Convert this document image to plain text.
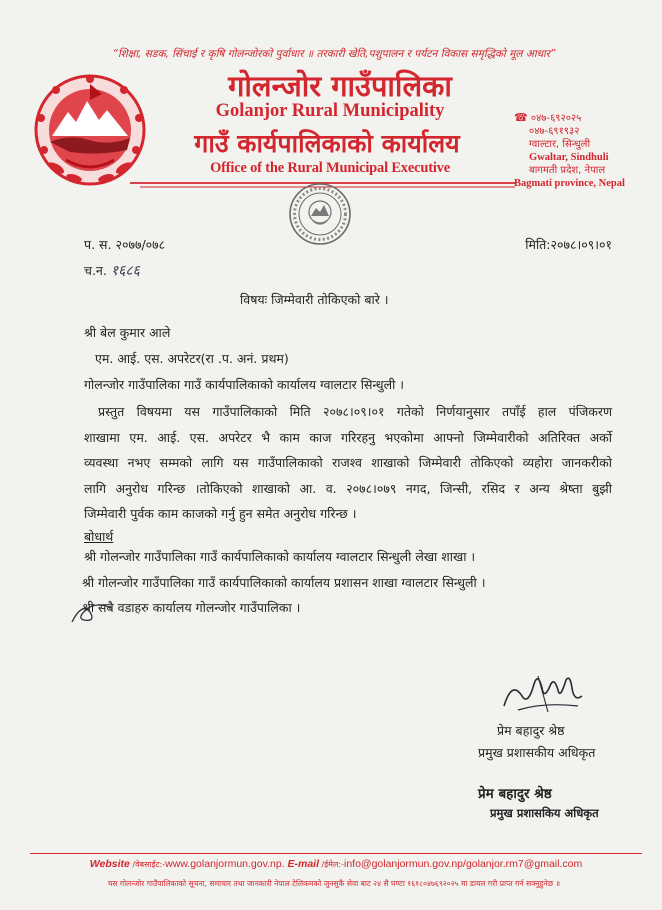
“शिक्षा, सडक, सिंचाई र कृषि गोलन्जोरको पुर्वाधार ॥ तरकारी खेति,पशुपालन र पर्यटन विकास समृद्धिको मूल आधार”
गोलन्जोर गाउँपालिका
Golanjor Rural Municipality
गाउँ कार्यपालिकाको कार्यालय
Office of the Rural Municipal Executive
☎ ०४७-६९२०२५
०४७-६९१९३२
ग्वाल्टार, सिन्धुली
Gwaltar, Sindhuli
बागमती प्रदेश, नेपाल
Bagmati province, Nepal
प. स. २०७७/०७८	मिति:२०७८।०९।०१
च.न. १६८६
विषयः जिम्मेवारी तोकिएको बारे ।
श्री बेल कुमार आले
एम. आई. एस. अपरेटर(रा .प. अनं. प्रथम)
गोलन्जोर गाउँपालिका गाउँ कार्यपालिकाको कार्यालय ग्वालटार सिन्धुली ।
प्रस्तुत विषयमा यस गाउँपालिकाको मिति २०७८।०९।०१ गतेको निर्णयानुसार तपाँई हाल पंजिकरण
शाखामा एम. आई. एस. अपरेटर भै काम काज गरिरहनु भएकोमा आफ्नो जिम्मेवारीको अतिरिक्त अर्को
व्यवस्था नभए सम्मको लागि यस गाउँपालिकाको राजश्व शाखाको जिम्मेवारी तोकिएको व्यहोरा जानकरीको
लागि अनुरोध गरिन्छ ।तोकिएको शाखाको आ. व. २०७८।०७९ नगद, जिन्सी, रसिद र अन्य श्रेष्ता बुझी
जिम्मेवारी पुर्वक काम काजको गर्नु हुन समेत अनुरोध गरिन्छ ।
बोधार्थ
श्री गोलन्जोर गाउँपालिका गाउँ कार्यपालिकाको कार्यालय ग्वालटार सिन्धुली लेखा शाखा ।
श्री गोलन्जोर गाउँपालिका गाउँ कार्यपालिकाको कार्यालय प्रशासन शाखा ग्वालटार सिन्धुली ।
श्री सबै वडाहरु कार्यालय गोलन्जोर गाउँपालिका ।
प्रेम बहादुर श्रेष्ठ
प्रमुख प्रशासकीय अधिकृत
प्रेम बहादुर श्रेष्ठ
प्रमुख प्रशासकिय अधिकृत
Website /वेबसाईट:-www.golanjormun.gov.np. E-mail /ईमेल:-info@golanjormun.gov.np/golanjor.rm7@gmail.com
यस गोलन्जोर गाउँपालिकाको सूचना, समाचार तथा जानकारी नेपाल टेलिकमको जुनसुकै सेवा बाट २४ सै घण्टा १६१८०४७६९२०२५ मा डायल गरी प्राप्त गर्न सक्नुहुनेछ ॥
